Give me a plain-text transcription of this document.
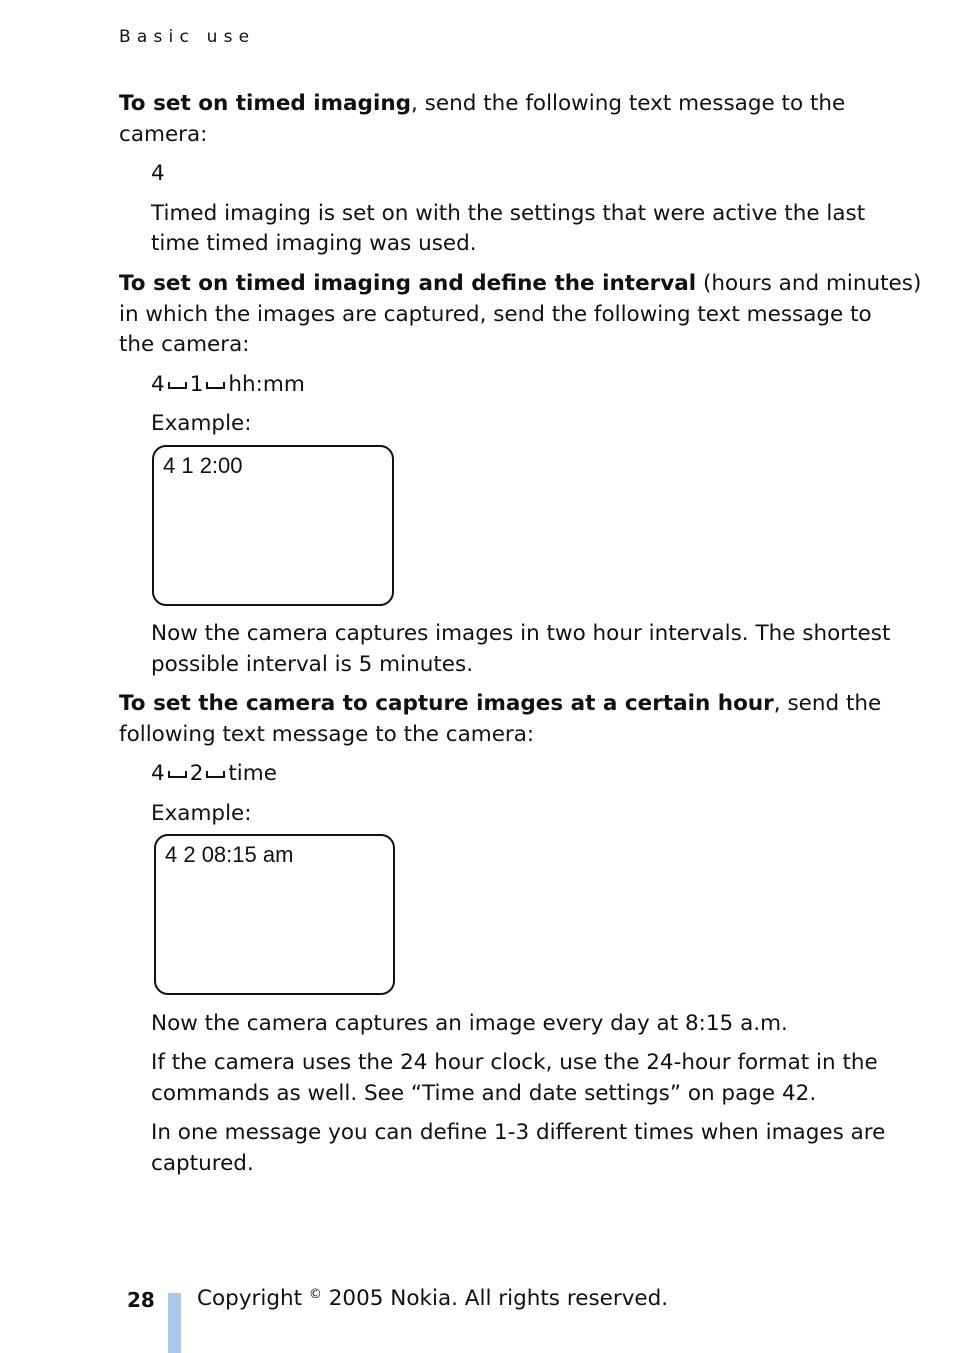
Basic use
To set on timed imaging, send the following text message to the
camera:
4
Timed imaging is set on with the settings that were active the last
time timed imaging was used.
To set on timed imaging and define the interval (hours and minutes)
in which the images are captured, send the following text message to
the camera:
4 1 hh:mm
Example:
4 1 2:00
Now the camera captures images in two hour intervals. The shortest
possible interval is 5 minutes.
To set the camera to capture images at a certain hour, send the
following text message to the camera:
4 2 time
Example:
4 2 08:15 am
Now the camera captures an image every day at 8:15 a.m.
If the camera uses the 24 hour clock, use the 24-hour format in the
commands as well. See “Time and date settings” on page 42.
In one message you can define 1-3 different times when images are
captured.
28 Copyright © 2005 Nokia. All rights reserved.
